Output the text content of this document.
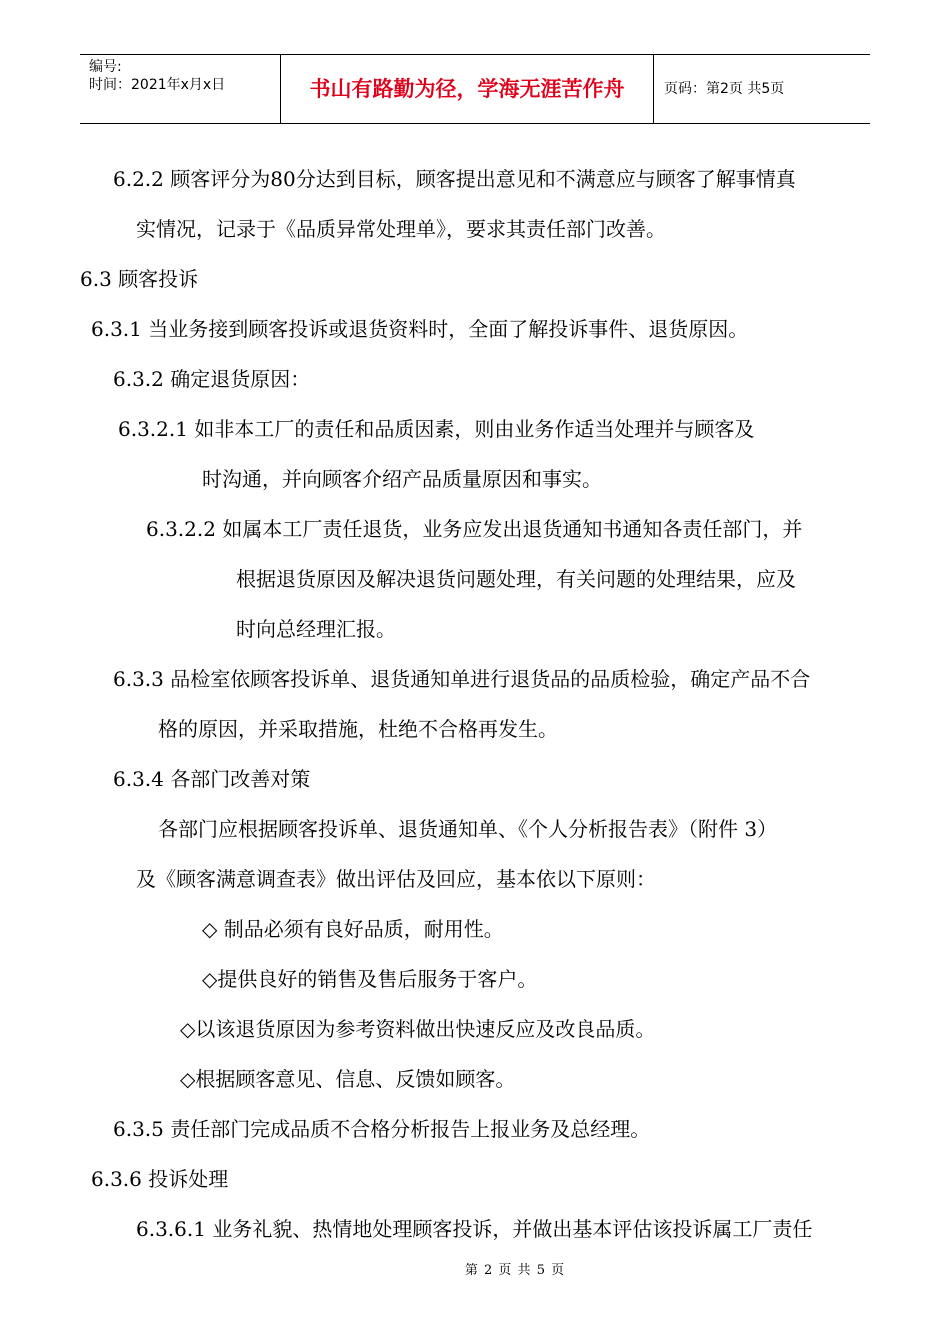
编号:
时间：2021年x月x日	书山有路勤为径，学海无涯苦作舟	页码：第2页 共5页
6.2.2 顾客评分为80分达到目标，顾客提出意见和不满意应与顾客了解事情真
实情况，记录于《品质异常处理单》，要求其责任部门改善。
6.3 顾客投诉
6.3.1 当业务接到顾客投诉或退货资料时，全面了解投诉事件、退货原因。
6.3.2 确定退货原因：
6.3.2.1 如非本工厂的责任和品质因素，则由业务作适当处理并与顾客及
时沟通，并向顾客介绍产品质量原因和事实。
6.3.2.2 如属本工厂责任退货，业务应发出退货通知书通知各责任部门，并
根据退货原因及解决退货问题处理，有关问题的处理结果，应及
时向总经理汇报。
6.3.3 品检室依顾客投诉单、退货通知单进行退货品的品质检验，确定产品不合
格的原因，并采取措施，杜绝不合格再发生。
6.3.4 各部门改善对策
各部门应根据顾客投诉单、退货通知单、《个人分析报告表》（附件 3）
及《顾客满意调查表》做出评估及回应，基本依以下原则：
◇ 制品必须有良好品质，耐用性。
◇提供良好的销售及售后服务于客户。
◇以该退货原因为参考资料做出快速反应及改良品质。
◇根据顾客意见、信息、反馈如顾客。
6.3.5 责任部门完成品质不合格分析报告上报业务及总经理。
6.3.6 投诉处理
6.3.6.1 业务礼貌、热情地处理顾客投诉，并做出基本评估该投诉属工厂责任
第 2 页 共 5 页
